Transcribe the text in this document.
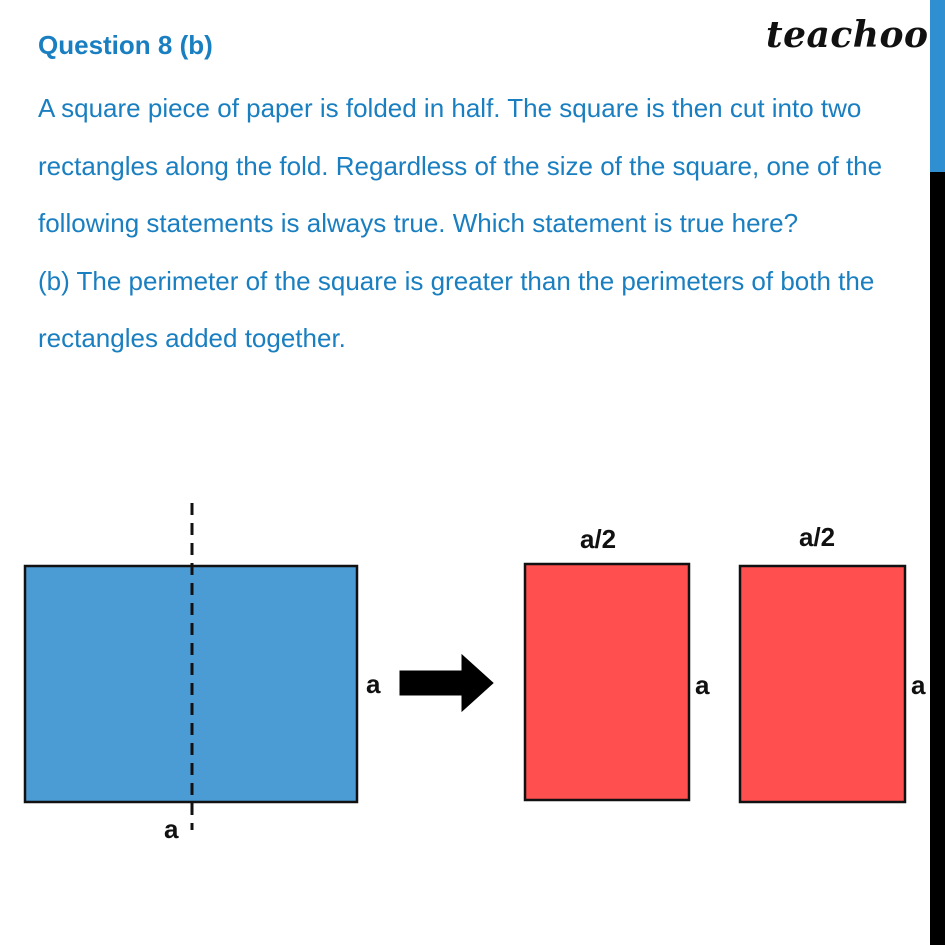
Question 8 (b)	teachoo

A square piece of paper is folded in half. The square is then cut into two rectangles along the fold. Regardless of the size of the square, one of the following statements is always true. Which statement is true here?

(b) The perimeter of the square is greater than the perimeters of both the rectangles added together.

a
a
a/2
a
a/2
a
